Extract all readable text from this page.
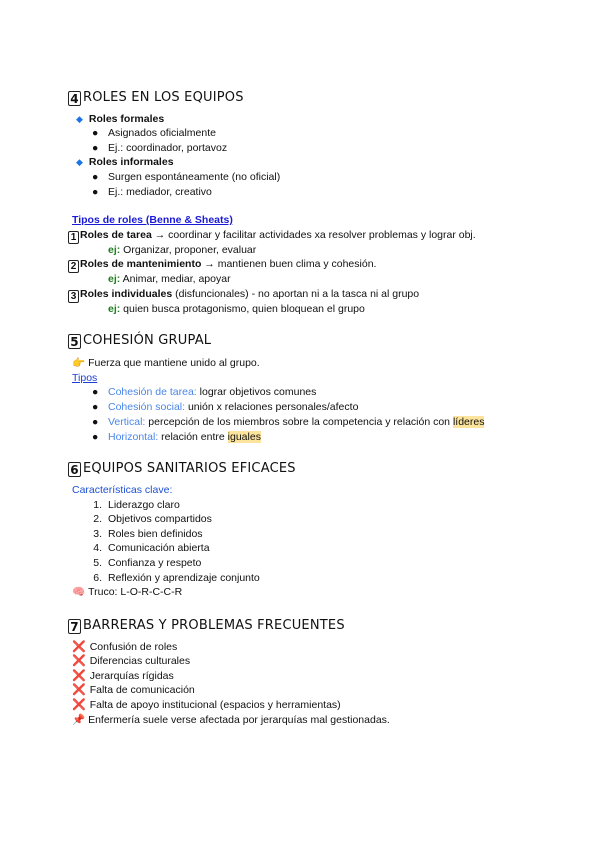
4 ROLES EN LOS EQUIPOS
◆ Roles formales
● Asignados oficialmente
● Ej.: coordinador, portavoz
◆ Roles informales
● Surgen espontáneamente (no oficial)
● Ej.: mediador, creativo
Tipos de roles (Benne & Sheats)
1 Roles de tarea → coordinar y facilitar actividades xa resolver problemas y lograr obj.
ej: Organizar, proponer, evaluar
2 Roles de mantenimiento → mantienen buen clima y cohesión.
ej: Animar, mediar, apoyar
3 Roles individuales (disfuncionales) - no aportan ni a la tasca ni al grupo
ej: quien busca protagonismo, quien bloquean el grupo
5 COHESIÓN GRUPAL
👉 Fuerza que mantiene unido al grupo.
Tipos
● Cohesión de tarea: lograr objetivos comunes
● Cohesión social: unión x relaciones personales/afecto
● Vertical: percepción de los miembros sobre la competencia y relación con líderes
● Horizontal: relación entre iguales
6 EQUIPOS SANITARIOS EFICACES
Características clave:
1. Liderazgo claro
2. Objetivos compartidos
3. Roles bien definidos
4. Comunicación abierta
5. Confianza y respeto
6. Reflexión y aprendizaje conjunto
🧠 Truco: L-O-R-C-C-R
7 BARRERAS Y PROBLEMAS FRECUENTES
❌ Confusión de roles
❌ Diferencias culturales
❌ Jerarquías rígidas
❌ Falta de comunicación
❌ Falta de apoyo institucional (espacios y herramientas)
📌 Enfermería suele verse afectada por jerarquías mal gestionadas.
